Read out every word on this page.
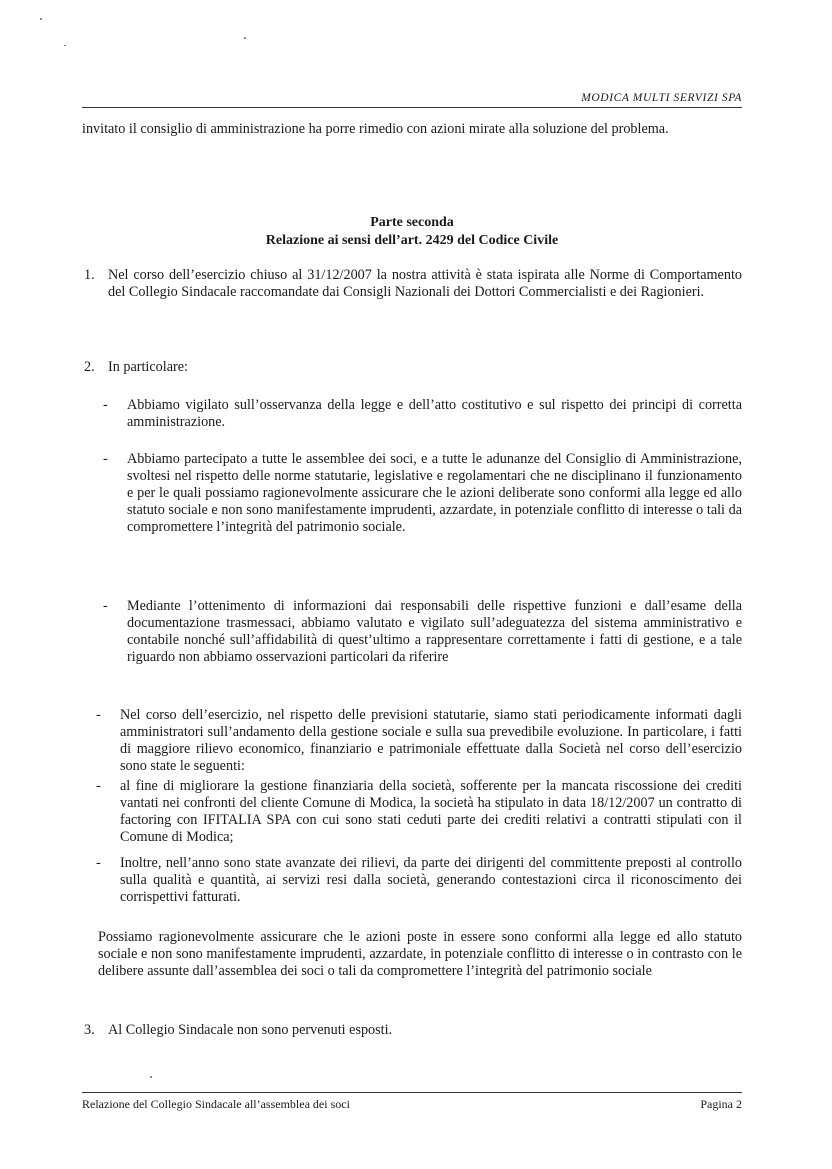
MODICA MULTI SERVIZI SPA
invitato il consiglio di amministrazione ha porre rimedio con azioni mirate alla soluzione del problema.
Parte seconda
Relazione ai sensi dell’art. 2429 del Codice Civile
1. Nel corso dell’esercizio chiuso al 31/12/2007 la nostra attività è stata ispirata alle Norme di Comportamento del Collegio Sindacale raccomandate dai Consigli Nazionali dei Dottori Commercialisti e dei Ragionieri.
2. In particolare:
- Abbiamo vigilato sull’osservanza della legge e dell’atto costitutivo e sul rispetto dei principi di corretta amministrazione.
- Abbiamo partecipato a tutte le assemblee dei soci, e a tutte le adunanze del Consiglio di Amministrazione, svoltesi nel rispetto delle norme statutarie, legislative e regolamentari che ne disciplinano il funzionamento e per le quali possiamo ragionevolmente assicurare che le azioni deliberate sono conformi alla legge ed allo statuto sociale e non sono manifestamente imprudenti, azzardate, in potenziale conflitto di interesse o tali da compromettere l’integrità del patrimonio sociale.
- Mediante l’ottenimento di informazioni dai responsabili delle rispettive funzioni e dall’esame della documentazione trasmessaci, abbiamo valutato e vigilato sull’adeguatezza del sistema amministrativo e contabile nonché sull’affidabilità di quest’ultimo a rappresentare correttamente i fatti di gestione, e a tale riguardo non abbiamo osservazioni particolari da riferire
- Nel corso dell’esercizio, nel rispetto delle previsioni statutarie, siamo stati periodicamente informati dagli amministratori sull’andamento della gestione sociale e sulla sua prevedibile evoluzione. In particolare, i fatti di maggiore rilievo economico, finanziario e patrimoniale effettuate dalla Società nel corso dell’esercizio sono state le seguenti:
- al fine di migliorare la gestione finanziaria della società, sofferente per la mancata riscossione dei crediti vantati nei confronti del cliente Comune di Modica, la società ha stipulato in data 18/12/2007 un contratto di factoring con IFITALIA SPA con cui sono stati ceduti parte dei crediti relativi a contratti stipulati con il Comune di Modica;
- Inoltre, nell’anno sono state avanzate dei rilievi, da parte dei dirigenti del committente preposti al controllo sulla qualità e quantità, ai servizi resi dalla società, generando contestazioni circa il riconoscimento dei corrispettivi fatturati.
Possiamo ragionevolmente assicurare che le azioni poste in essere sono conformi alla legge ed allo statuto sociale e non sono manifestamente imprudenti, azzardate, in potenziale conflitto di interesse o in contrasto con le delibere assunte dall’assemblea dei soci o tali da compromettere l’integrità del patrimonio sociale
3. Al Collegio Sindacale non sono pervenuti esposti.
Relazione del Collegio Sindacale all’assemblea dei soci	Pagina 2
